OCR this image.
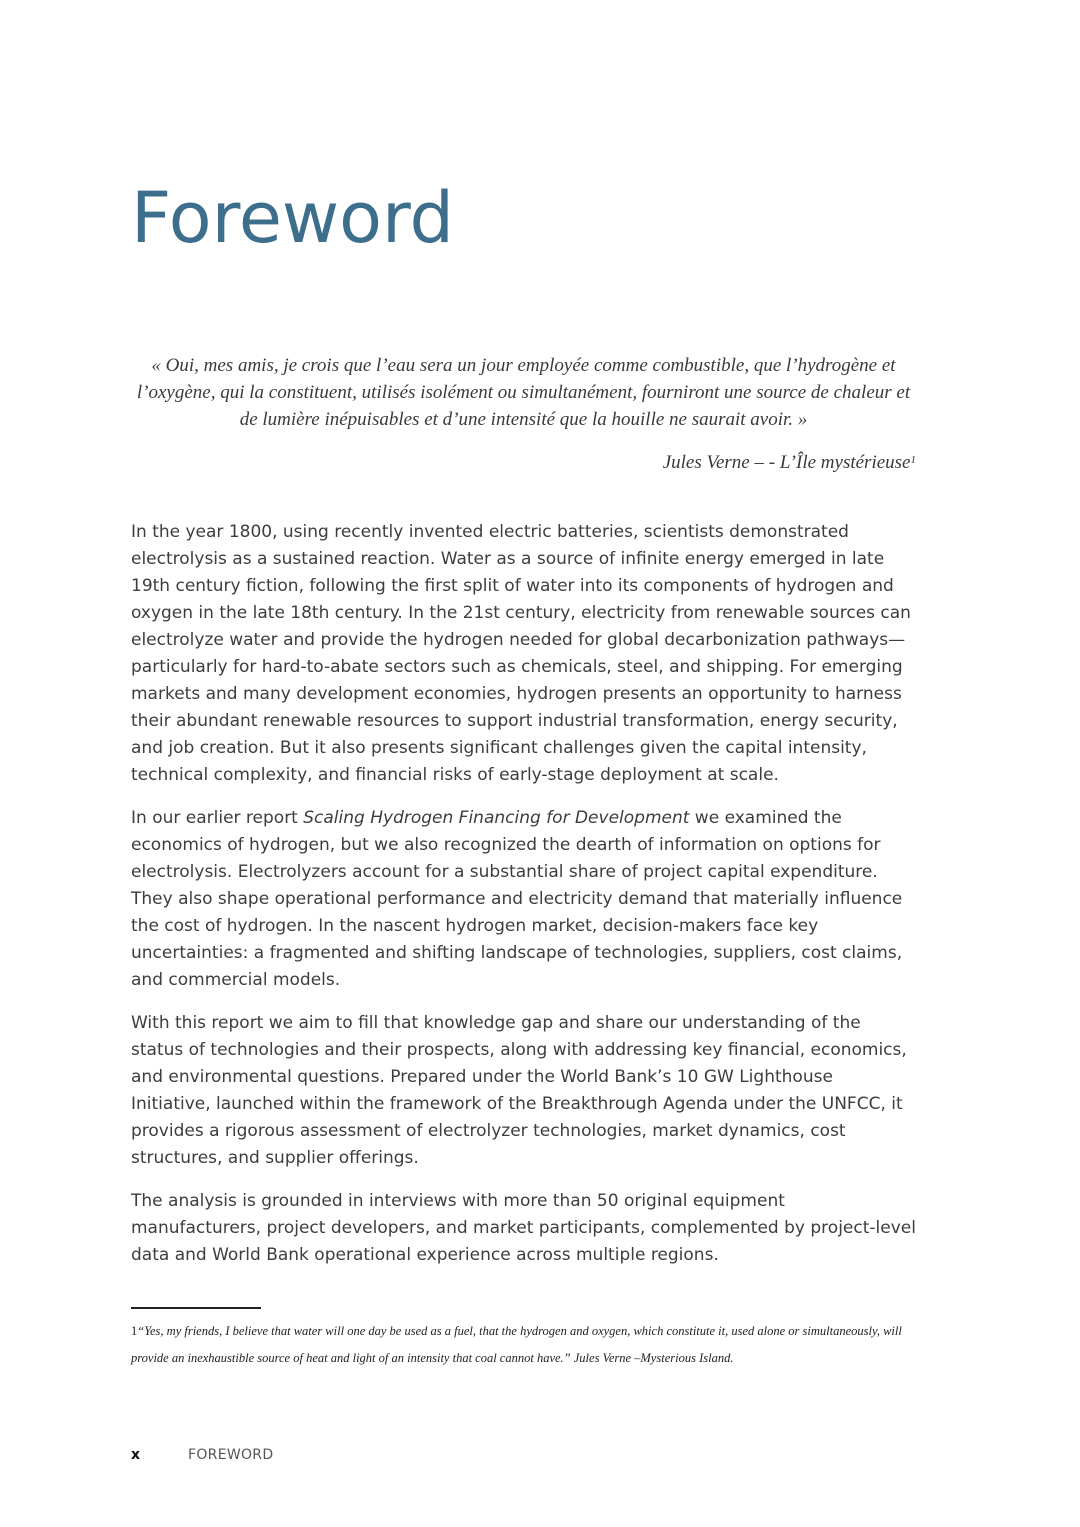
Foreword

« Oui, mes amis, je crois que l’eau sera un jour employée comme combustible, que l’hydrogène et l’oxygène, qui la constituent, utilisés isolément ou simultanément, fourniront une source de chaleur et de lumière inépuisables et d’une intensité que la houille ne saurait avoir. »

Jules Verne – - L’Île mystérieuse$^1$

In the year 1800, using recently invented electric batteries, scientists demonstrated electrolysis as a sustained reaction. Water as a source of infinite energy emerged in late 19th century fiction, following the first split of water into its components of hydrogen and oxygen in the late 18th century. In the 21st century, electricity from renewable sources can electrolyze water and provide the hydrogen needed for global decarbonization pathways—particularly for hard-to-abate sectors such as chemicals, steel, and shipping. For emerging markets and many development economies, hydrogen presents an opportunity to harness their abundant renewable resources to support industrial transformation, energy security, and job creation. But it also presents significant challenges given the capital intensity, technical complexity, and financial risks of early-stage deployment at scale.

In our earlier report Scaling Hydrogen Financing for Development we examined the economics of hydrogen, but we also recognized the dearth of information on options for electrolysis. Electrolyzers account for a substantial share of project capital expenditure. They also shape operational performance and electricity demand that materially influence the cost of hydrogen. In the nascent hydrogen market, decision-makers face key uncertainties: a fragmented and shifting landscape of technologies, suppliers, cost claims, and commercial models.

With this report we aim to fill that knowledge gap and share our understanding of the status of technologies and their prospects, along with addressing key financial, economics, and environmental questions. Prepared under the World Bank’s 10 GW Lighthouse Initiative, launched within the framework of the Breakthrough Agenda under the UNFCC, it provides a rigorous assessment of electrolyzer technologies, market dynamics, cost structures, and supplier offerings.

The analysis is grounded in interviews with more than 50 original equipment manufacturers, project developers, and market participants, complemented by project-level data and World Bank operational experience across multiple regions.

1“Yes, my friends, I believe that water will one day be used as a fuel, that the hydrogen and oxygen, which constitute it, used alone or simultaneously, will provide an inexhaustible source of heat and light of an intensity that coal cannot have.” Jules Verne –Mysterious Island.

x	FOREWORD
